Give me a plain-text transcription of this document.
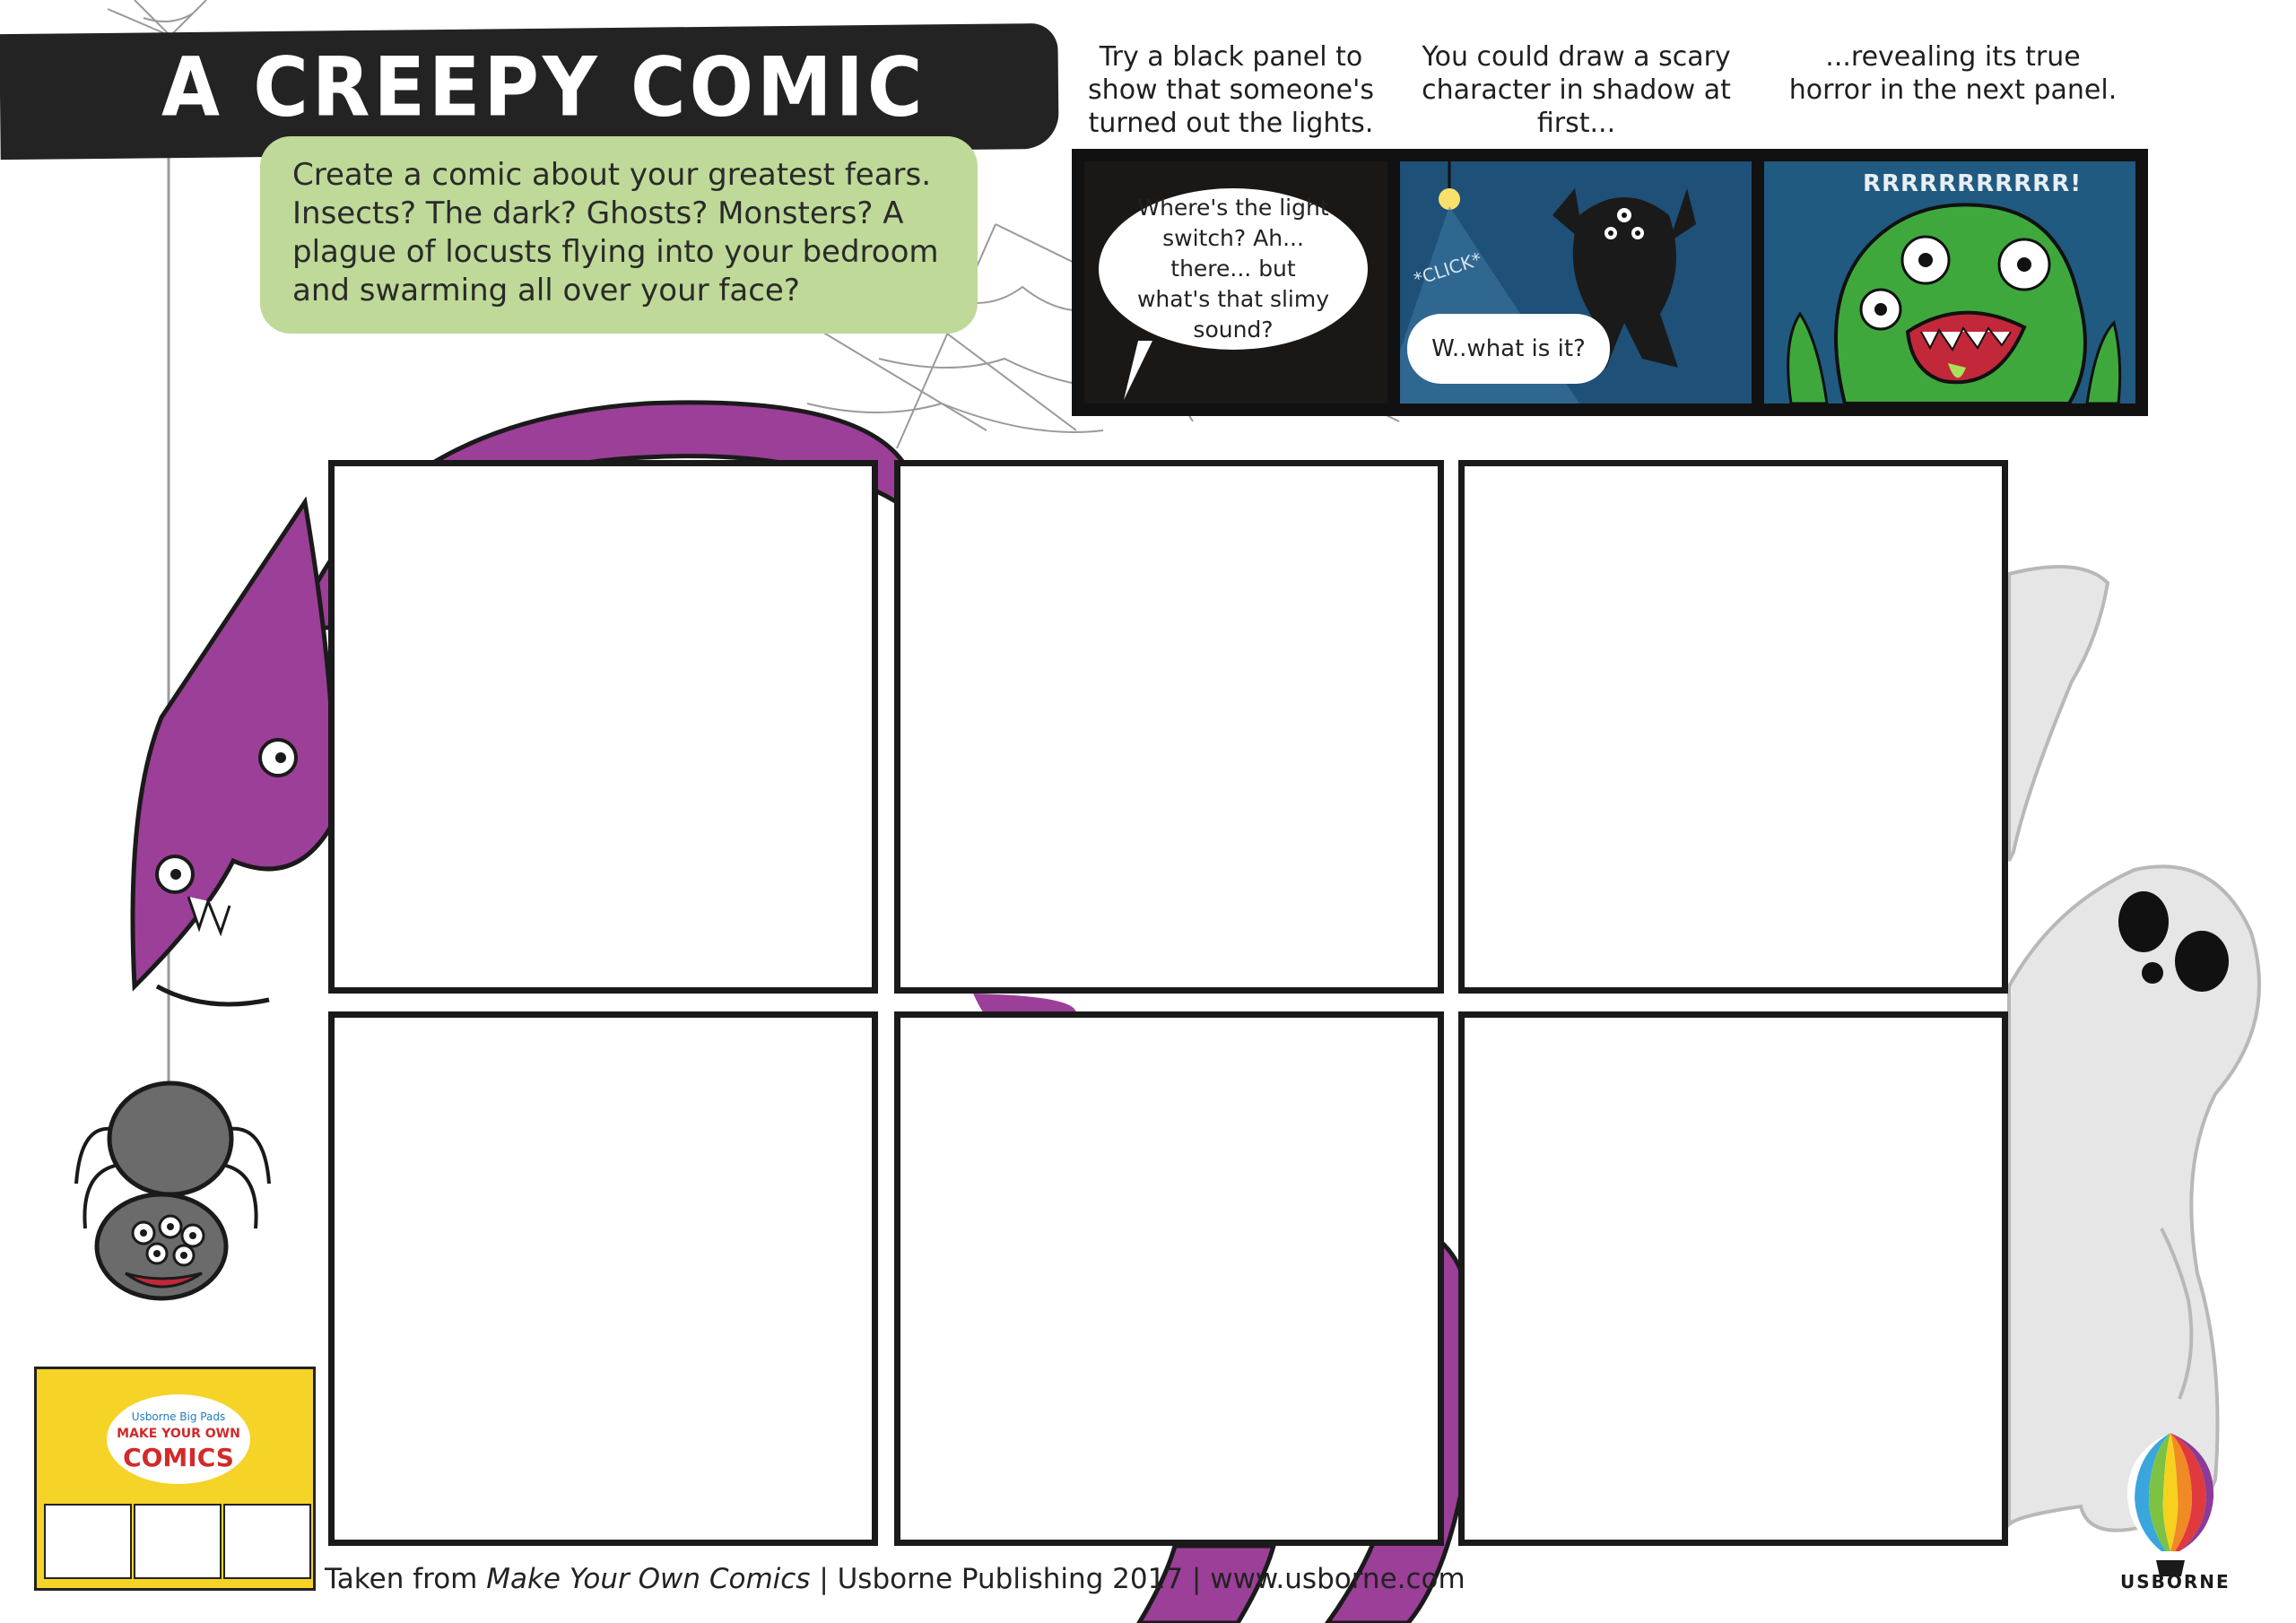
A CREEPY COMIC
Create a comic about your greatest fears. Insects? The dark? Ghosts? Monsters? A plague of locusts flying into your bedroom and swarming all over your face?
Try a black panel to show that someone's turned out the lights.
You could draw a scary character in shadow at first...
...revealing its true horror in the next panel.
Where's the light switch? Ah... there... but what's that slimy sound?
*CLICK*
W..what is it?
RRRRRRRRRRR!
Usborne Big Pads
MAKE YOUR OWN
COMICS
Taken from Make Your Own Comics | Usborne Publishing 2017 | www.usborne.com	USBORNE
